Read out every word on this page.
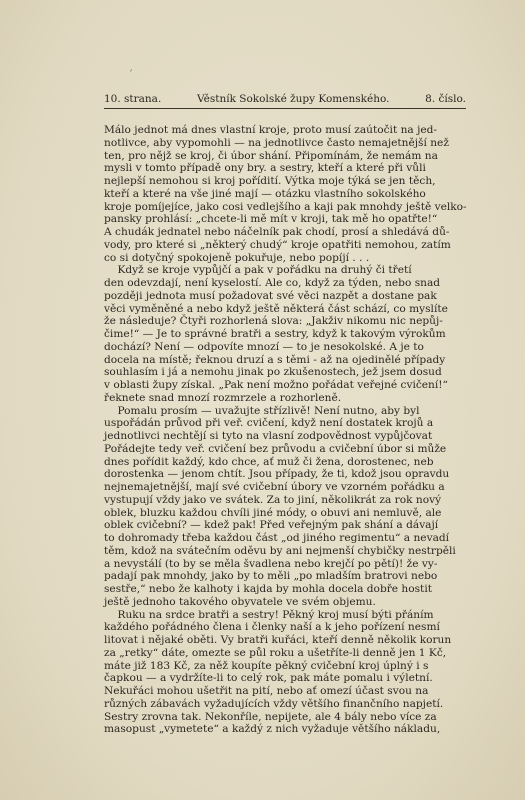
´
10. strana.	Věstník Sokolské župy Komenského.	8. číslo.

Málo jednot má dnes vlastní kroje, proto musí zaútočit na jed-

notlivce, aby vypomohli — na jednotlivce často nemajetnější než

ten, pro nějž se kroj, či úbor shání. Připomínám, že nemám na

mysli v tomto případě ony bry. a sestry, kteří a které při vůli

nejlepší nemohou si kroj pořídití. Výtka moje týká se jen těch,

kteří a které na vše jiné mají — otázku vlastního sokolského

kroje pomíjejíce, jako cosi vedlejšího a kaji pak mnohdy ještě velko-

pansky prohlásí: „chcete-li mě mít v kroji, tak mě ho opatřte!“

A chudák jednatel nebo náčelník pak chodí, prosí a shledává dů-

vody, pro které si „některý chudý“ kroje opatřiti nemohou, zatím

co si dotyčný spokojeně pokuřuje, nebo popíjí . . .

Když se kroje vypůjčí a pak v pořádku na druhý či třetí

den odevzdají, není kyselostí. Ale co, když za týden, nebo snad

později jednota musí požadovat své věci nazpět a dostane pak

věci vyměněné a nebo když ještě některá část schází, co myslíte

že následuje? Čtyři rozhorlená slova: „Jakživ nikomu nic nepůj-

čime!“ — Je to správné bratři a sestry, když k takovým výrokům

dochází? Není — odpovíte mnozí — to je nesokolské. A je to

docela na místě; řeknou druzí a s těmi - až na ojedinělé případy

souhlasím i já a nemohu jinak po zkušenostech, jež jsem dosud

v oblasti župy získal. „Pak není možno pořádat veřejné cvičení!“

řeknete snad mnozí rozmrzele a rozhorleně.

Pomalu prosím — uvažujte střízlivě! Není nutno, aby byl

uspořádán průvod při veř. cvičení, když není dostatek krojů a

jednotlivci nechtějí si tyto na vlasní zodpovědnost vypůjčovat

Pořádejte tedy veř. cvičení bez průvodu a cvičební úbor si může

dnes pořídit každý, kdo chce, ať muž či žena, dorostenec, neb

dorostenka — jenom chtít. Jsou případy, že ti, kdož jsou opravdu

nejnemajetnější, mají své cvičební úbory ve vzorném pořádku a

vystupují vždy jako ve svátek. Za to jiní, několikrát za rok nový

oblek, bluzku každou chvíli jiné módy, o obuvi ani nemluvě, ale

oblek cvičební? — kdež pak! Před veřejným pak shání a dávají

to dohromady třeba každou část „od jiného regimentu“ a nevadí

těm, kdož na svátečním oděvu by ani nejmenší chybičky nestrpěli

a nevystálí (to by se měla švadlena nebo krejčí po pětí)! že vy-

padají pak mnohdy, jako by to měli „po mladším bratrovi nebo

sestře,“ nebo že kalhoty i kajda by mohla docela dobře hostit

ještě jednoho takového obyvatele ve svém objemu.

Ruku na srdce bratři a sestry! Pěkný kroj musí býti přáním

každého pořádného člena i členky naší a k jeho pořízení nesmí

litovat i nějaké oběti. Vy bratři kuřáci, kteří denně několik korun

za „retky“ dáte, omezte se půl roku a ušetříte-li denně jen 1 Kč,

máte již 183 Kč, za něž koupíte pěkný cvičební kroj úplný i s

čapkou — a vydržíte-li to celý rok, pak máte pomalu i výletní.

Nekuřáci mohou ušetřit na pití, nebo ať omezí účast svou na

různých zábavách vyžadujících vždy většího finančního napjetí.

Sestry zrovna tak. Nekonříle, nepijete, ale 4 bály nebo více za

masopust „vymetete“ a každý z nich vyžaduje většího nákladu,
